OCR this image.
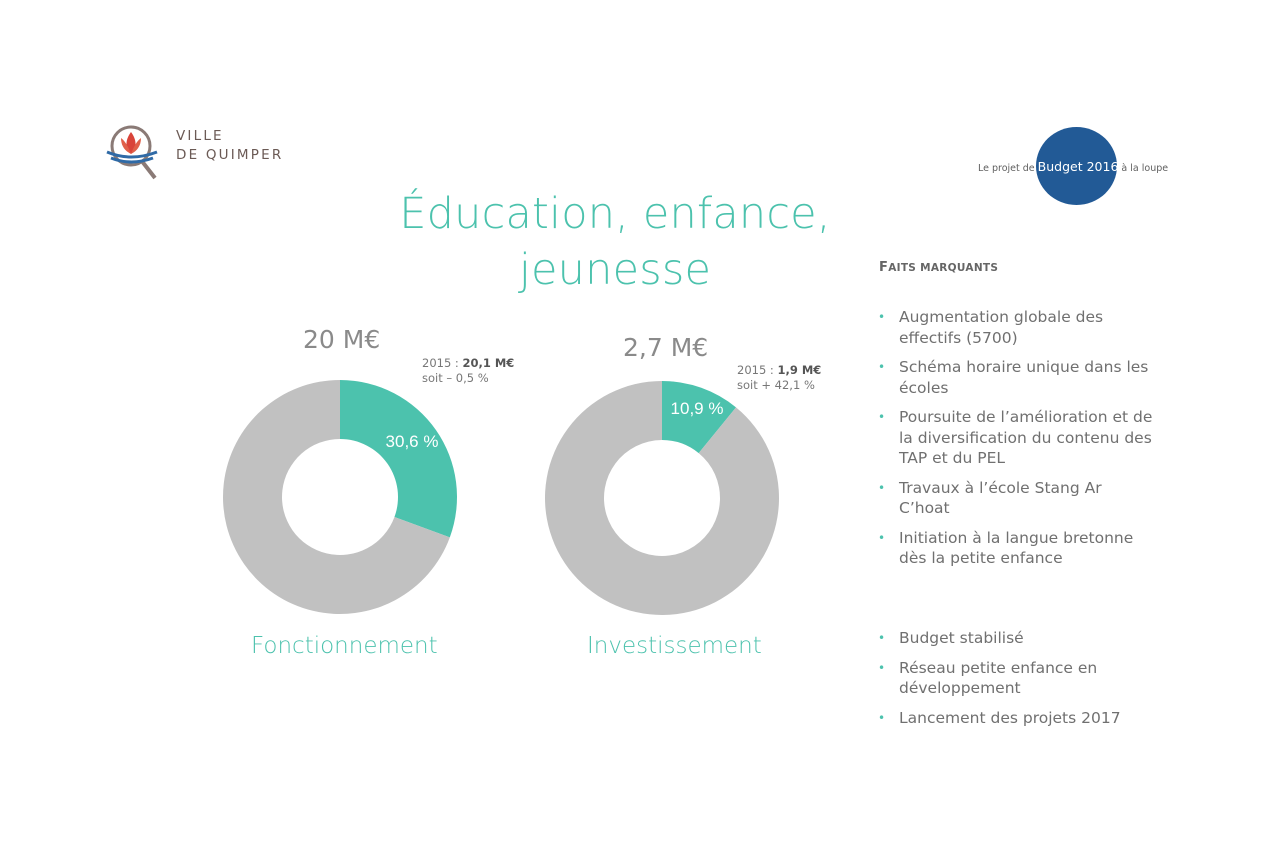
VILLE
DE QUIMPER
Le projet de Budget 2016 à la loupe
Éducation, enfance,
jeunesse
20 M€
2015 : 20,1 M€
soit – 0,5 %
30,6 %
Fonctionnement
2,7 M€
2015 : 1,9 M€
soit + 42,1 %
10,9 %
Investissement
FAITS MARQUANTS
• Augmentation globale des effectifs (5700)
• Schéma horaire unique dans les écoles
• Poursuite de l’amélioration et de la diversification du contenu des TAP et du PEL
• Travaux à l’école Stang Ar C’hoat
• Initiation à la langue bretonne dès la petite enfance
• Budget stabilisé
• Réseau petite enfance en développement
• Lancement des projets 2017
